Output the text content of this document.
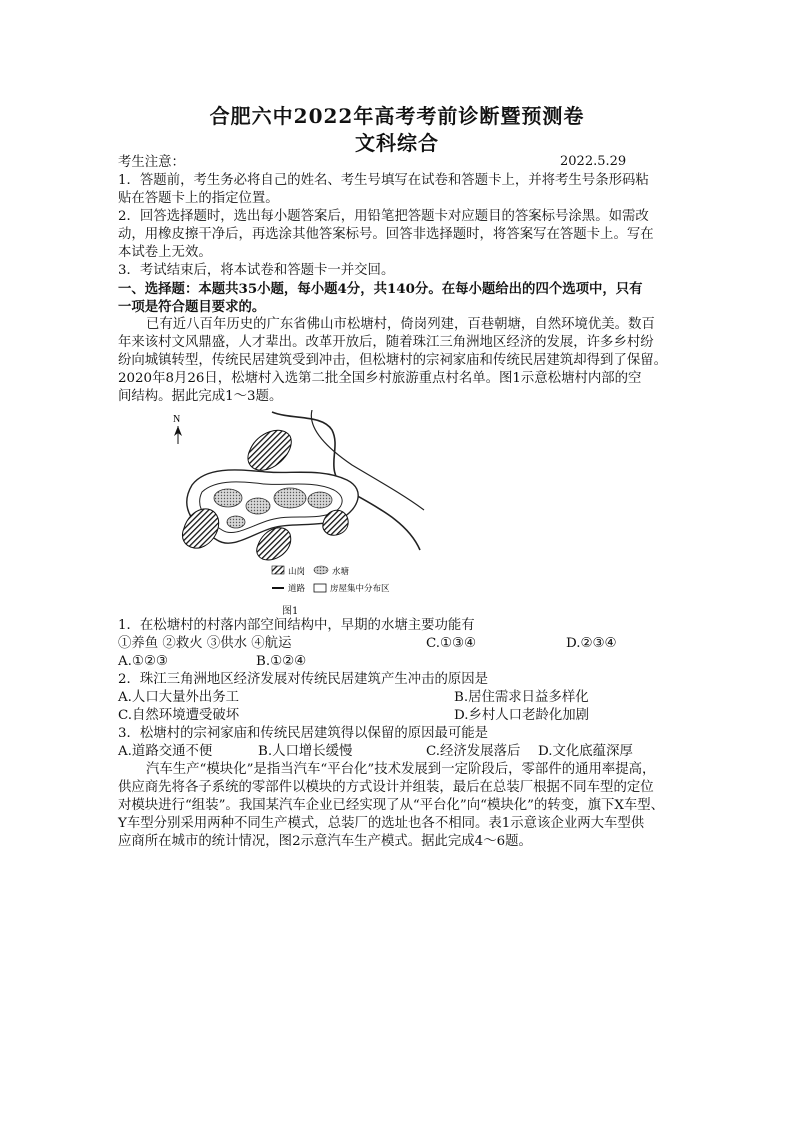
合肥六中2022年高考考前诊断暨预测卷
文科综合
考生注意：	2022.5.29
1．答题前，考生务必将自己的姓名、考生号填写在试卷和答题卡上，并将考生号条形码粘
贴在答题卡上的指定位置。
2．回答选择题时，选出每小题答案后，用铅笔把答题卡对应题目的答案标号涂黑。如需改
动，用橡皮擦干净后，再选涂其他答案标号。回答非选择题时，将答案写在答题卡上。写在
本试卷上无效。
3．考试结束后，将本试卷和答题卡一并交回。
一、选择题：本题共35小题，每小题4分，共140分。在每小题给出的四个选项中，只有
一项是符合题目要求的。
已有近八百年历史的广东省佛山市松塘村，倚岗列建，百巷朝塘，自然环境优美。数百
年来该村文风鼎盛，人才辈出。改革开放后，随着珠江三角洲地区经济的发展，许多乡村纷
纷向城镇转型，传统民居建筑受到冲击，但松塘村的宗祠家庙和传统民居建筑却得到了保留。
2020年8月26日，松塘村入选第二批全国乡村旅游重点村名单。图1示意松塘村内部的空
间结构。据此完成1～3题。
N
山岗	水塘
道路	房屋集中分布区
图1
1．在松塘村的村落内部空间结构中，早期的水塘主要功能有
①养鱼 ②救火 ③供水 ④航运	C.①③④	D.②③④
A.①②③	B.①②④
2．珠江三角洲地区经济发展对传统民居建筑产生冲击的原因是
A.人口大量外出务工	B.居住需求日益多样化
C.自然环境遭受破坏	D.乡村人口老龄化加剧
3．松塘村的宗祠家庙和传统民居建筑得以保留的原因最可能是
A.道路交通不便	B.人口增长缓慢	C.经济发展落后 D.文化底蕴深厚
汽车生产“模块化”是指当汽车“平台化”技术发展到一定阶段后，零部件的通用率提高，
供应商先将各子系统的零部件以模块的方式设计并组装，最后在总装厂根据不同车型的定位
对模块进行“组装”。我国某汽车企业已经实现了从“平台化”向“模块化”的转变，旗下X车型、
Y车型分别采用两种不同生产模式，总装厂的选址也各不相同。表1示意该企业两大车型供
应商所在城市的统计情况，图2示意汽车生产模式。据此完成4～6题。
